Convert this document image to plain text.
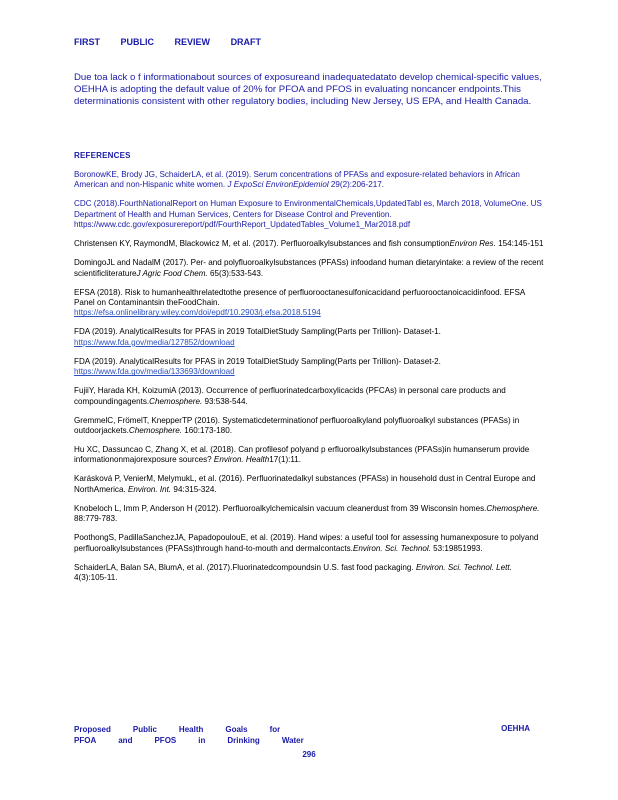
FIRST PUBLIC REVIEW DRAFT
Due toa lack o f informationabout sources of exposureand inadequatedatato develop chemical-specific values, OEHHA is adopting the default value of 20% for PFOA and PFOS in evaluating noncancer endpoints.This determinationis consistent with other regulatory bodies, including New Jersey, US EPA, and Health Canada.
REFERENCES
BoronowKE, Brody JG, SchaiderLA, et al. (2019). Serum concentrations of PFASs and exposure-related behaviors in African American and non-Hispanic white women. J ExpoSci EnvironEpidemiol 29(2):206-217.
CDC (2018).FourthNationalReport on Human Exposure to EnvironmentalChemicals,UpdatedTabl es, March 2018, VolumeOne. US Department of Health and Human Services, Centers for Disease Control and Prevention.
https://www.cdc.gov/exposurereport/pdf/FourthReport_UpdatedTables_Volume1_Mar2018.pdf
Christensen KY, RaymondM, Blackowicz M, et al. (2017). Perfluoroalkylsubstances and fish consumptionEnviron Res. 154:145-151
DomingoJL and NadalM (2017). Per- and polyfluoroalkylsubstances (PFASs) infoodand human dietaryintake: a review of the recent scientificliteratureJ Agric Food Chem. 65(3):533-543.
EFSA (2018). Risk to humanhealthrelatedtothe presence of perfluorooctanesulfonicacidand perfuorooctanoicacidinfood. EFSA Panel on Contaminantsin theFoodChain.
https://efsa.onlinelibrary.wiley.com/doi/epdf/10.2903/j.efsa.2018.5194
FDA (2019). AnalyticalResults for PFAS in 2019 TotalDietStudy Sampling(Parts per Trillion)- Dataset-1. https://www.fda.gov/media/127852/download
FDA (2019). AnalyticalResults for PFAS in 2019 TotalDietStudy Sampling(Parts per Trillion)- Dataset-2. https://www.fda.gov/media/133693/download
FujiiY, Harada KH, KoizumiA (2013). Occurrence of perfluorinatedcarboxylicacids (PFCAs) in personal care products and compoundingagents.Chemosphere. 93:538-544.
GremmelC, FrömelT, KnepperTP (2016). Systematicdeterminationof perfluoroalkyland polyfluoroalkyl substances (PFASs) in outdoorjackets.Chemosphere. 160:173-180.
Hu XC, Dassuncao C, Zhang X, et al. (2018). Can profilesof polyand p erfluoroalkylsubstances (PFASs)in humanserum provide informationonmajorexposure sources? Environ. Health17(1):11.
Karásková P, VenierM, MelymukL, et al. (2016). Perfluorinatedalkyl substances (PFASs) in household dust in Central Europe and NorthAmerica. Environ. Int. 94:315-324.
Knobeloch L, Imm P, Anderson H (2012). Perfluoroalkylchemicalsin vacuum cleanerdust from 39 Wisconsin homes.Chemosphere. 88:779-783.
PoothongS, PadillaSanchezJA, PapadopoulouE, et al. (2019). Hand wipes: a useful tool for assessing humanexposure to polyand perfluoroalkylsubstances (PFASs)through hand-to-mouth and dermalcontacts.Environ. Sci. Technol. 53:19851993.
SchaiderLA, Balan SA, BlumA, et al. (2017).Fluorinatedcompoundsin U.S. fast food packaging. Environ. Sci. Technol. Lett. 4(3):105-11.
Proposed	Public	Health	Goals	for
PFOA	and	PFOS	in	Drinking	Water
OEHHA
296
